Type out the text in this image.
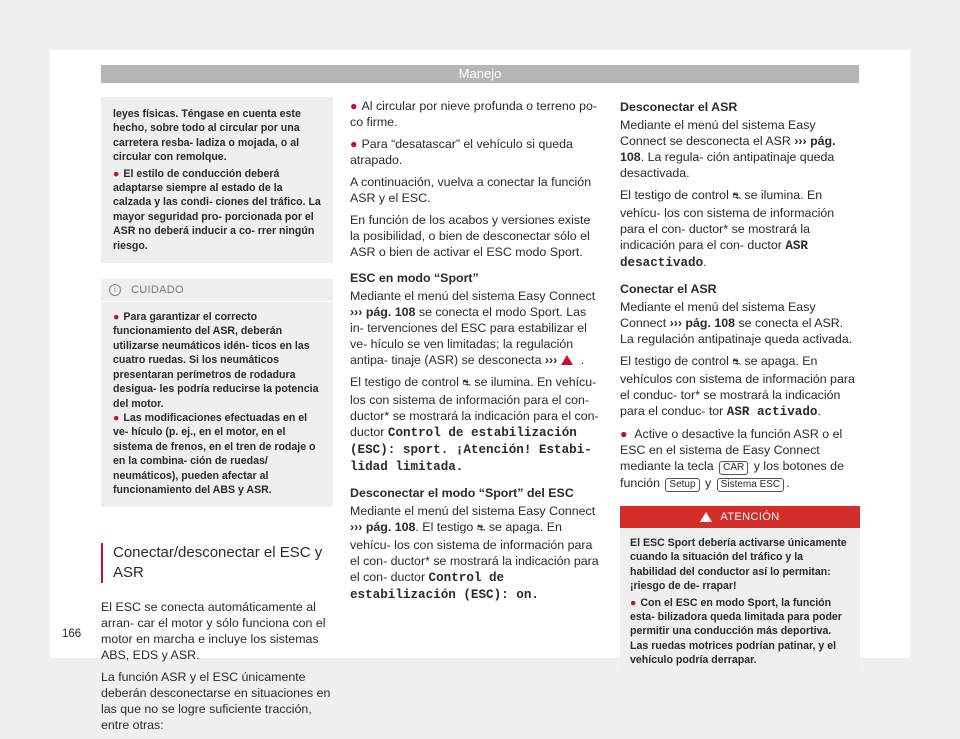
Manejo

leyes físicas. Téngase en cuenta este hecho, sobre todo al circular por una carretera resba- ladiza o mojada, o al circular con remolque.

● El estilo de conducción deberá adaptarse siempre al estado de la calzada y las condi- ciones del tráfico. La mayor seguridad pro- porcionada por el ASR no deberá inducir a co- rrer ningún riesgo.

i	CUIDADO

● Para garantizar el correcto funcionamiento del ASR, deberán utilizarse neumáticos idén- ticos en las cuatro ruedas. Si los neumáticos presentaran perímetros de rodadura desigua- les podría reducirse la potencia del motor.

● Las modificaciones efectuadas en el ve- hículo (p. ej., en el motor, en el sistema de frenos, en el tren de rodaje o en la combina- ción de ruedas/ neumáticos), pueden afectar al funcionamiento del ABS y ASR.

Conectar/desconectar el ESC y ASR

El ESC se conecta automáticamente al arran- car el motor y sólo funciona con el motor en marcha e incluye los sistemas ABS, EDS y ASR.

La función ASR y el ESC únicamente deberán desconectarse en situaciones en las que no se logre suficiente tracción, entre otras:

● Al circular por nieve profunda o terreno po- co firme.

● Para “desatascar” el vehículo si queda atrapado.

A continuación, vuelva a conectar la función ASR y el ESC.

En función de los acabos y versiones existe la posibilidad, o bien de desconectar sólo el ASR o bien de activar el ESC modo Sport.

ESC en modo “Sport”

Mediante el menú del sistema Easy Connect ››› pág. 108 se conecta el modo Sport. Las in- tervenciones del ESC para estabilizar el ve- hículo se ven limitadas; la regulación antipa- tinaje (ASR) se desconecta ››› .

El testigo de control ⛐ se ilumina. En vehícu- los con sistema de información para el con- ductor* se mostrará la indicación para el con- ductor Control de estabilización (ESC): sport. ¡Atención! Estabi- lidad limitada.

Desconectar el modo “Sport” del ESC

Mediante el menú del sistema Easy Connect ››› pág. 108. El testigo ⛐ se apaga. En vehícu- los con sistema de información para el con- ductor* se mostrará la indicación para el con- ductor Control de estabilización (ESC): on.

Desconectar el ASR

Mediante el menú del sistema Easy Connect se desconecta el ASR ››› pág. 108. La regula- ción antipatinaje queda desactivada.

El testigo de control ⛐ se ilumina. En vehícu- los con sistema de información para el con- ductor* se mostrará la indicación para el con- ductor ASR desactivado.

Conectar el ASR

Mediante el menú del sistema Easy Connect ››› pág. 108 se conecta el ASR. La regulación antipatinaje queda activada.

El testigo de control ⛐ se apaga. En vehículos con sistema de información para el conduc- tor* se mostrará la indicación para el conduc- tor ASR activado.

● Active o desactive la función ASR o el ESC en el sistema de Easy Connect mediante la tecla CAR y los botones de función Setup y Sistema ESC .

ATENCIÓN

El ESC Sport debería activarse únicamente cuando la situación del tráfico y la habilidad del conductor así lo permitan: ¡riesgo de de- rrapar!

● Con el ESC en modo Sport, la función esta- bilizadora queda limitada para poder permitir una conducción más deportiva. Las ruedas motrices podrían patinar, y el vehículo podría derrapar.

166
